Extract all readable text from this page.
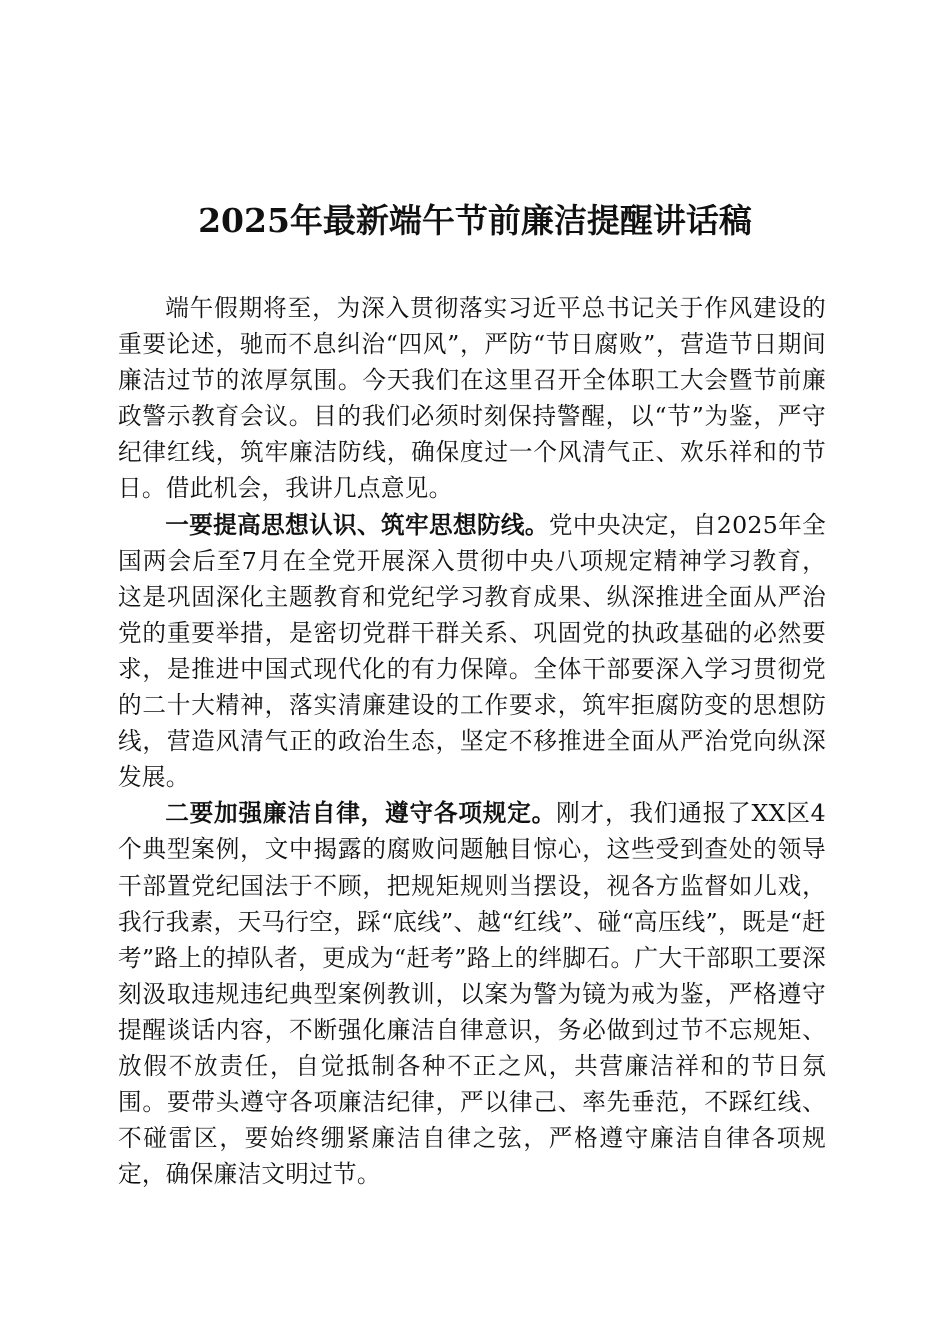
2025年最新端午节前廉洁提醒讲话稿

端午假期将至，为深入贯彻落实习近平总书记关于作风建设的重要论述，驰而不息纠治“四风”，严防“节日腐败”，营造节日期间廉洁过节的浓厚氛围。今天我们在这里召开全体职工大会暨节前廉政警示教育会议。目的我们必须时刻保持警醒，以“节”为鉴，严守纪律红线，筑牢廉洁防线，确保度过一个风清气正、欢乐祥和的节日。借此机会，我讲几点意见。

一要提高思想认识、筑牢思想防线。党中央决定，自2025年全国两会后至7月在全党开展深入贯彻中央八项规定精神学习教育，这是巩固深化主题教育和党纪学习教育成果、纵深推进全面从严治党的重要举措，是密切党群干群关系、巩固党的执政基础的必然要求，是推进中国式现代化的有力保障。全体干部要深入学习贯彻党的二十大精神，落实清廉建设的工作要求，筑牢拒腐防变的思想防线，营造风清气正的政治生态，坚定不移推进全面从严治党向纵深发展。

二要加强廉洁自律，遵守各项规定。刚才，我们通报了XX区4个典型案例，文中揭露的腐败问题触目惊心，这些受到查处的领导干部置党纪国法于不顾，把规矩规则当摆设，视各方监督如儿戏，我行我素，天马行空，踩“底线”、越“红线”、碰“高压线”，既是“赶考”路上的掉队者，更成为“赶考”路上的绊脚石。广大干部职工要深刻汲取违规违纪典型案例教训，以案为警为镜为戒为鉴，严格遵守提醒谈话内容，不断强化廉洁自律意识，务必做到过节不忘规矩、放假不放责任，自觉抵制各种不正之风，共营廉洁祥和的节日氛围。要带头遵守各项廉洁纪律，严以律己、率先垂范，不踩红线、不碰雷区，要始终绷紧廉洁自律之弦，严格遵守廉洁自律各项规定，确保廉洁文明过节。
